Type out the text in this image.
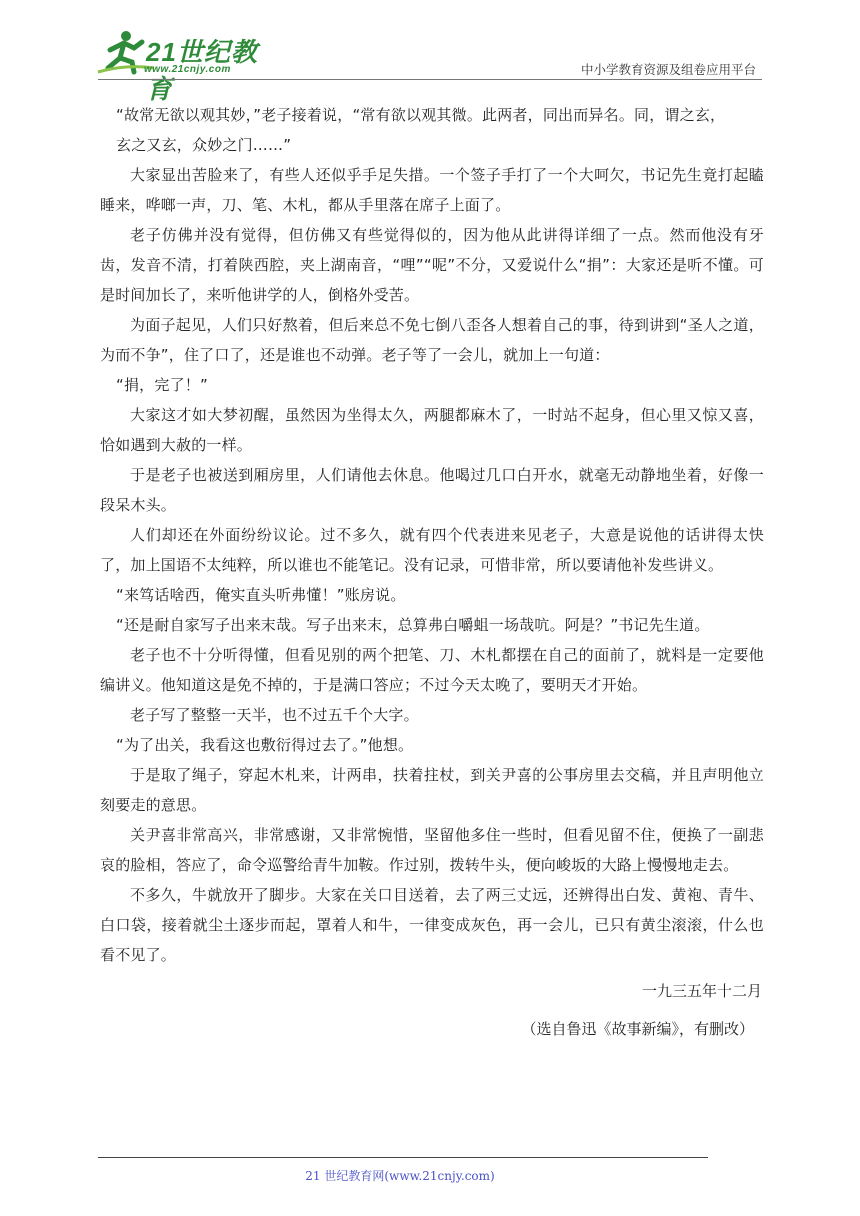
21世纪教育
www.21cnjy.com	中小学教育资源及组卷应用平台

“故常无欲以观其妙，”老子接着说，“常有欲以观其微。此两者，同出而异名。同，谓之玄，

玄之又玄，众妙之门……”

大家显出苦脸来了，有些人还似乎手足失措。一个签子手打了一个大呵欠，书记先生竟打起瞌睡来，哗啷一声，刀、笔、木札，都从手里落在席子上面了。

老子仿佛并没有觉得，但仿佛又有些觉得似的，因为他从此讲得详细了一点。然而他没有牙齿，发音不清，打着陕西腔，夹上湖南音，“哩”“呢”不分，又爱说什么“捐”：大家还是听不懂。可是时间加长了，来听他讲学的人，倒格外受苦。

为面子起见，人们只好熬着，但后来总不免七倒八歪各人想着自己的事，待到讲到“圣人之道，为而不争”，住了口了，还是谁也不动弹。老子等了一会儿，就加上一句道：

“捐，完了！”

大家这才如大梦初醒，虽然因为坐得太久，两腿都麻木了，一时站不起身，但心里又惊又喜，恰如遇到大赦的一样。

于是老子也被送到厢房里，人们请他去休息。他喝过几口白开水，就毫无动静地坐着，好像一段呆木头。

人们却还在外面纷纷议论。过不多久，就有四个代表进来见老子，大意是说他的话讲得太快了，加上国语不太纯粹，所以谁也不能笔记。没有记录，可惜非常，所以要请他补发些讲义。

“来笃话啥西，俺实直头听弗懂！”账房说。

“还是耐自家写子出来末哉。写子出来末，总算弗白嚼蛆一场哉吭。阿是？”书记先生道。

老子也不十分听得懂，但看见别的两个把笔、刀、木札都摆在自己的面前了，就料是一定要他编讲义。他知道这是免不掉的，于是满口答应；不过今天太晚了，要明天才开始。

老子写了整整一天半，也不过五千个大字。

“为了出关，我看这也敷衍得过去了。”他想。

于是取了绳子，穿起木札来，计两串，扶着拄杖，到关尹喜的公事房里去交稿，并且声明他立刻要走的意思。

关尹喜非常高兴，非常感谢，又非常惋惜，坚留他多住一些时，但看见留不住，便换了一副悲哀的脸相，答应了，命令巡警给青牛加鞍。作过别，拨转牛头，便向峻坂的大路上慢慢地走去。

不多久，牛就放开了脚步。大家在关口目送着，去了两三丈远，还辨得出白发、黄袍、青牛、白口袋，接着就尘土逐步而起，罩着人和牛，一律变成灰色，再一会儿，已只有黄尘滚滚，什么也看不见了。

一九三五年十二月

（选自鲁迅《故事新编》，有删改）

21 世纪教育网(www.21cnjy.com)
